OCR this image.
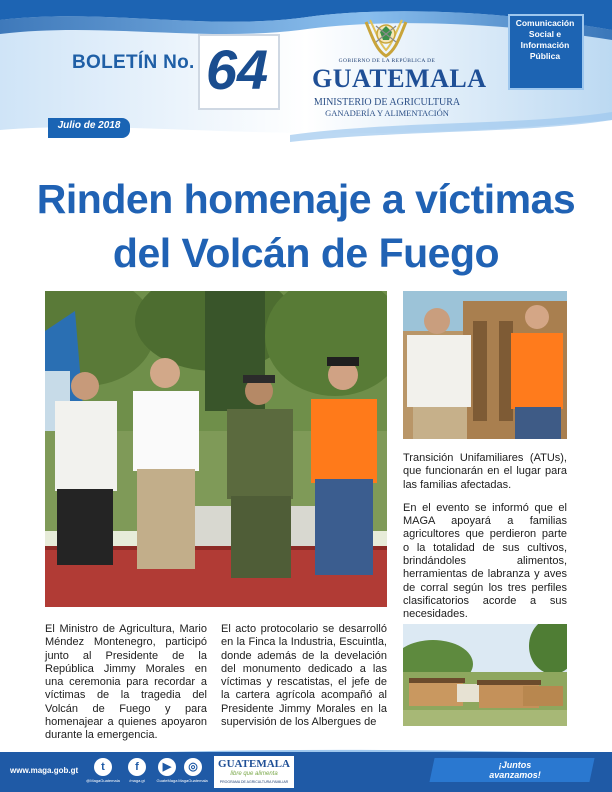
BOLETÍN No. 64
Julio de 2018
GOBIERNO DE LA REPÚBLICA DE
GUATEMALA
MINISTERIO DE AGRICULTURA
GANADERÍA Y ALIMENTACIÓN
Comunicación Social e Información Pública
Rinden homenaje a víctimas
del Volcán de Fuego

El Ministro de Agricultura, Mario Méndez Montenegro, participó junto al Presidente de la República Jimmy Morales en una ceremonia para recordar a víctimas de la tragedia del Volcán de Fuego y para homenajear a quienes apoyaron durante la emergencia.

El acto protocolario se desarrolló en la Finca la Industria, Escuintla, donde además de la develación del monumento dedicado a las víctimas y rescatistas, el jefe de la cartera agrícola acompañó al Presidente Jimmy Morales en la supervisión de los Albergues de

Transición Unifamiliares (ATUs), que funcionarán en el lugar para las familias afectadas.

En el evento se informó que el MAGA apoyará a familias agricultores que perdieron parte o la totalidad de sus cultivos, brindándoles alimentos, herramientas de labranza y aves de corral según los tres perfiles clasificatorios acorde a sus necesidades.

www.maga.gob.gt	t
@MagaGuatemala
f
/maga.gt
▶
GuateMaga
◎
MagaGuatemala
GUATEMALA
libre que alimenta
PROGRAMA DE AGRICULTURA FAMILIAR
¡Juntos
avanzamos!
